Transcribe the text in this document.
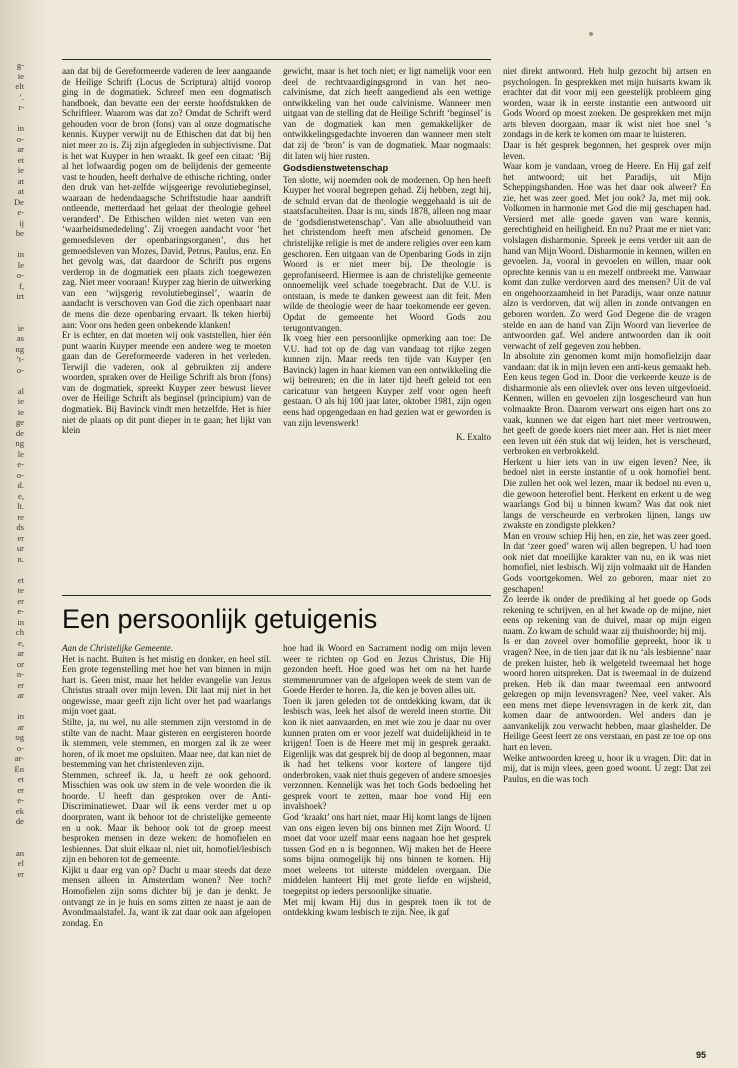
g-
ie
elt
’.
r-
in
o-
ar
et
ie
at
at
De
e-
ij
be
in
le
o-
f,
irt
ie
as
ng
’t-
o-
al
ie
ie
ge
de
ng
le
e-
o-
d.
e,
lt.
re
ds
er
ur
n.
et
te
er
e-
in
ch
e,
ar
or
n-
er
ar
in
ar
og
o-
ar-
En
et
er
e-
ek
de
an
el
er

aan dat bij de Gereformeerde vaderen de leer aangaande de Heilige Schrift (Locus de Scriptura) altijd voorop ging in de dogmatiek. Schreef men een dogmatisch handboek, dan bevatte een der eerste hoofdstukken de Schriftleer. Waarom was dat zo? Omdat de Schrift werd gehouden voor de bron (fons) van al onze dogmatische kennis. Kuyper verwijt nu de Ethischen dat dat bij hen niet meer zo is. Zij zijn afgegleden in subjectivisme. Dat is het wat Kuyper in hen wraakt. Ik geef een citaat: ‘Bij al het lofwaardig pogen om de belijdenis der gemeente vast te houden, heeft derhalve de ethische richting, onder den druk van het-zelfde wijsgeerige revolutiebeginsel, waaraan de hedendaagsche Schriftstudie haar aandrift ontleende, metterdaad het gelaat der theologie geheel veranderd’. De Ethischen wilden niet weten van een ‘waarheidsmededeling’. Zij vroegen aandacht voor ‘het gemoedsleven der openbaringsorganen’, dus het gemoedsleven van Mozes, David, Petrus, Paulus, enz. En het gevolg was, dat daardoor de Schrift pus ergens verderop in de dogmatiek een plaats zich toegewezen zag. Niet meer vooraan! Kuyper zag hierin de uitwerking van een ‘wijsgerig revolutiebeginsel’, waarin de aandacht is verschoven van God die zich openbaart naar de mens die deze openbaring ervaart. Ik teken hierbij aan: Voor ons heden geen onbekende klanken!

Er is echter, en dat moeten wij ook vaststellen, hier één punt waarin Kuyper meende een andere weg te moeten gaan dan de Gereformeerde vaderen in het verleden. Terwijl die vaderen, ook al gebruikten zij andere woorden, spraken over de Heilige Schrift als bron (fons) van de dogmatiek, spreekt Kuyper zeer bewust liever over de Heilige Schrift als beginsel (principium) van de dogmatiek. Bij Bavinck vindt men hetzelfde. Het is hier niet de plaats op dit punt dieper in te gaan; het lijkt van klein

gewicht, maar is het toch niet; er ligt namelijk voor een deel de rechtvaardigingsgrond in van het neo-calvinisme, dat zich heeft aangediend als een wettige ontwikkeling van het oude calvinisme. Wanneer men uitgaat van de stelling dat de Heilige Schrift ‘beginsel’ is van de dogmatiek kan men gemakkelijker de ontwikkelingsgedachte invoeren dan wanneer men stelt dat zij de ‘bron’ is van de dogmatiek. Maar nogmaals: dit laten wij hier rusten.

Godsdienstwetenschap

Ten slotte, wij noemden ook de modernen. Op hen heeft Kuyper het vooral begrepen gehad. Zij hebben, zegt hij, de schuld ervan dat de theologie weggehaald is uit de staatsfaculteiten. Daar is nu, sinds 1878, alleen nog maar de ‘godsdienstwetenschap’. Van alle absoluutheid van het christendom heeft men afscheid genomen. De christelijke religie is met de andere religies over een kam geschoren. Een uitgaan van de Openbaring Gods in zijn Woord is er niet meer bij. De theologie is geprofaniseerd. Hiermee is aan de christelijke gemeente onnoemelijk veel schade toegebracht. Dat de V.U. is ontstaan, is mede te danken geweest aan dit feit. Men wilde de theologie weer de haar toekomende eer geven. Opdat de gemeente het Woord Gods zou terugontvangen.

Ik voeg hier een persoonlijke opmerking aan toe: De V.U. had tot op de dag van vandaag tot rijke zegen kunnen zijn. Maar reeds ten tijde van Kuyper (en Bavinck) lagen in haar kiemen van een ontwikkeling die wij betreuren; en die in later tijd heeft geleid tot een caricatuur van hetgeen Kuyper zelf voor ogen heeft gestaan. O als hij 100 jaar later, oktober 1981, zijn ogen eens had opgengedaan en had gezien wat er geworden is van zijn levenswerk!

K. Exalto

niet direkt antwoord. Heb hulp gezocht bij artsen en psychologen. In gesprekken met mijn huisarts kwam ik erachter dat dit voor mij een geestelijk probleem ging worden, waar ik in eerste instantie een antwoord uit Gods Woord op moest zoeken. De gesprekken met mijn arts bleven doorgaan, maar ik wist niet hoe snel ’s zondags in de kerk te komen om maar te luisteren.

Daar is hét gesprek begonnen, het gesprek over mijn leven.

Waar kom je vandaan, vroeg de Heere. En Hij gaf zelf het antwoord; uit het Paradijs, uit Mijn Scheppingshanden. Hoe was het daar ook alweer? En zie, het was zeer goed. Met jou ook? Ja, met mij ook. Volkomen in harmonie met God die mij geschapen had. Versierd met alle goede gaven van ware kennis, gerechtigheid en heiligheid. En nu? Praat me er niet van: volslagen disharmonie. Spreek je eens verder uit aan de hand van Mijn Woord. Disharmonie in kennen, willen en gevoelen. Ja, vooral in gevoelen en willen, maar ook oprechte kennis van u en mezelf ontbreekt me. Vanwaar komt dan zulke verdorven aard des mensen? Uit de val en ongehoorzaamheid in het Paradijs, waar onze natuur alzo is verdorven, dat wij allen in zonde ontvangen en geboren worden. Zo werd God Degene die de vragen stelde en aan de hand van Zijn Woord van lieverlee de antwoorden gaf. Wel andere antwoorden dan ik ooit verwacht of zelf gegeven zou hebben.

In absolute zin genomen komt mijn homofielzijn daar vandaan: dat ik in mijn leven een anti-keus gemaakt heb. Een keus tegen God in. Door die verkeerde keuze is de disharmonie als een olievlek over ons leven uitgevloeid. Kennen, willen en gevoelen zijn losgescheurd van hun volmaakte Bron. Daarom verwart ons eigen hart ons zo vaak, kunnen we dat eigen hart niet meer vertrouwen, het geeft de goede koers niet meer aan. Het is niet meer een leven uit één stuk dat wij leiden, het is verscheurd, verbroken en verbrokkeld.

Herkent u hier iets van in uw eigen leven? Nee, ik bedoel niet in eerste instantie of u ook homofiel bent. Die zullen het ook wel lezen, maar ik bedoel nu even u, die gewoon heterofiel bent. Herkent en erkent u de weg waarlangs God bij u binnen kwam? Was dat ook niet langs de verscheurde en verbroken lijnen, langs uw zwakste en zondigste plekken?

Man en vrouw schiep Hij hen, en zie, het was zeer goed. In dat ‘zeer goed’ waren wij allen begrepen. U had toen ook niet dat moeilijke karakter van nu, en ik was niet homofiel, niet lesbisch. Wij zijn volmaakt uit de Handen Gods voortgekomen. Wel zo geboren, maar niet zo geschapen!

Zo leerde ik onder de prediking al het goede op Gods rekening te schrijven, en al het kwade op de mijne, niet eens op rekening van de duivel, maar op mijn eigen naam. Zo kwam de schuld waar zij thuishoorde; bij mij.

Is er dan zoveel over homofilie gepreekt, hoor ik u vragen? Nee, in de tien jaar dat ik nu ‘als lesbienne’ naar de preken luister, heb ik welgeteld tweemaal het hoge woord horen uitspreken. Dat is tweemaal in de duizend preken. Heb ik dan maar tweemaal een antwoord gekregen op mijn levensvragen? Nee, veel vaker. Als een mens met diepe levensvragen in de kerk zit, dan komen daar de antwoorden. Wel anders dan je aanvankelijk zou verwacht hebben, maar glashelder. De Heilige Geest leert ze ons verstaan, en past ze toe op ons hart en leven.

Welke antwoorden kreeg u, hoor ik u vragen. Dit: dat in mij, dat is mijn vlees, geen goed woont. U zegt: Dat zei Paulus, en die was toch

Een persoonlijk getuigenis

Aan de Christelijke Gemeente.

Het is nacht. Buiten is het mistig en donker, en heel stil. Een grote tegenstelling met hoe het van binnen in mijn hart is. Geen mist, maar het helder evangelie van Jezus Christus straalt over mijn leven. Dit laat mij niet in het ongewisse, maar geeft zijn licht over het pad waarlangs mijn voet gaat.

Stilte, ja, nu wel, nu alle stemmen zijn verstomd in de stilte van de nacht. Maar gisteren en eergisteren hoorde ik stemmen, vele stemmen, en morgen zal ik ze weer horen, of ik moet me opsluiten. Maar nee, dat kan niet de bestemming van het christenleven zijn.

Stemmen, schreef ik. Ja, u heeft ze ook gehoord. Misschien was ook uw stem in de vele woorden die ik hoorde. U heeft dan gesproken over de Anti-Discriminatiewet. Daar wil ik eens verder met u op doorpraten, want ik behoor tot de christelijke gemeente en u ook. Maar ik behoor ook tot de groep meest besproken mensen in deze weken: de homofielen en lesbiennes. Dat sluit elkaar nl. niet uit, homofiel/lesbisch zijn en behoren tot de gemeente.

Kijkt u daar erg van op? Dacht u maar steeds dat deze mensen alleen in Amsterdam wonen? Nee toch? Homofielen zijn soms dichter bij je dan je denkt. Je ontvangt ze in je huis en soms zitten ze naast je aan de Avondmaalstafel. Ja, want ik zat daar ook aan afgelopen zondag. En

hoe had ik Woord en Sacrament nodig om mijn leven weer te richten op God en Jezus Christus, Die Hij gezonden heeft. Hoe goed was het om na het harde stemmenrumoer van de afgelopen week de stem van de Goede Herder te horen. Ja, die ken je boven alles uit.

Toen ik jaren geleden tot de ontdekking kwam, dat ik lesbisch was, leek het alsof de wereld ineen stortte. Dit kon ik niet aanvaarden, en met wie zou je daar nu over kunnen praten om er voor jezelf wat duidelijkheid in te krijgen! Toen is de Heere met mij in gesprek geraakt. Eigenlijk was dat gesprek bij de doop al begonnen, maar ik had het telkens voor kortere of langere tijd onderbroken, vaak niet thuis gegeven of andere smoesjes verzonnen. Kennelijk was het toch Gods bedoeling het gesprek voort te zetten, maar hoe vond Hij een invalshoek?

God ‘kraakt’ ons hart niet, maar Hij komt langs de lijnen van ons eigen leven bij ons binnen met Zijn Woord. U moet dat voor uzelf maar eens nagaan hoe het gesprek tussen God en u is begonnen. Wij maken het de Heere soms bijna onmogelijk bij ons binnen te komen. Hij moet weleens tot uiterste middelen overgaan. Die middelen hanteert Hij met grote liefde en wijsheid, toegepitst op ieders persoonlijke situatie.

Met mij kwam Hij dus in gesprek toen ik tot de ontdekking kwam lesbisch te zijn. Nee, ik gaf

95
